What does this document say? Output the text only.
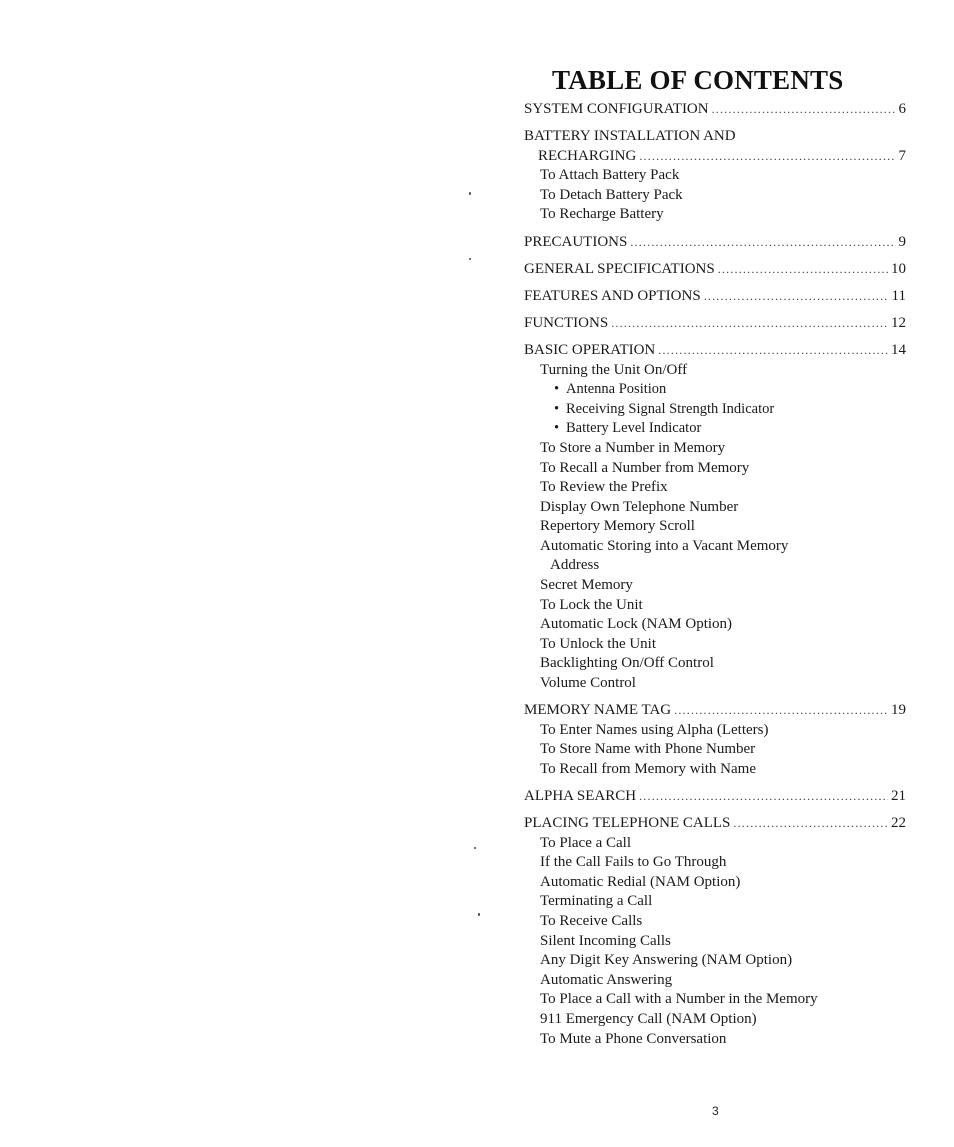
TABLE OF CONTENTS
SYSTEM CONFIGURATION .....	6
BATTERY INSTALLATION AND
RECHARGING .....	7
To Attach Battery Pack
To Detach Battery Pack
To Recharge Battery
PRECAUTIONS .....	9
GENERAL SPECIFICATIONS .....	10
FEATURES AND OPTIONS .....	11
FUNCTIONS .....	12
BASIC OPERATION .....	14
Turning the Unit On/Off
• Antenna Position
• Receiving Signal Strength Indicator
• Battery Level Indicator
To Store a Number in Memory
To Recall a Number from Memory
To Review the Prefix
Display Own Telephone Number
Repertory Memory Scroll
Automatic Storing into a Vacant Memory
Address
Secret Memory
To Lock the Unit
Automatic Lock (NAM Option)
To Unlock the Unit
Backlighting On/Off Control
Volume Control
MEMORY NAME TAG .....	19
To Enter Names using Alpha (Letters)
To Store Name with Phone Number
To Recall from Memory with Name
ALPHA SEARCH .....	21
PLACING TELEPHONE CALLS .....	22
To Place a Call
If the Call Fails to Go Through
Automatic Redial (NAM Option)
Terminating a Call
To Receive Calls
Silent Incoming Calls
Any Digit Key Answering (NAM Option)
Automatic Answering
To Place a Call with a Number in the Memory
911 Emergency Call (NAM Option)
To Mute a Phone Conversation
3
